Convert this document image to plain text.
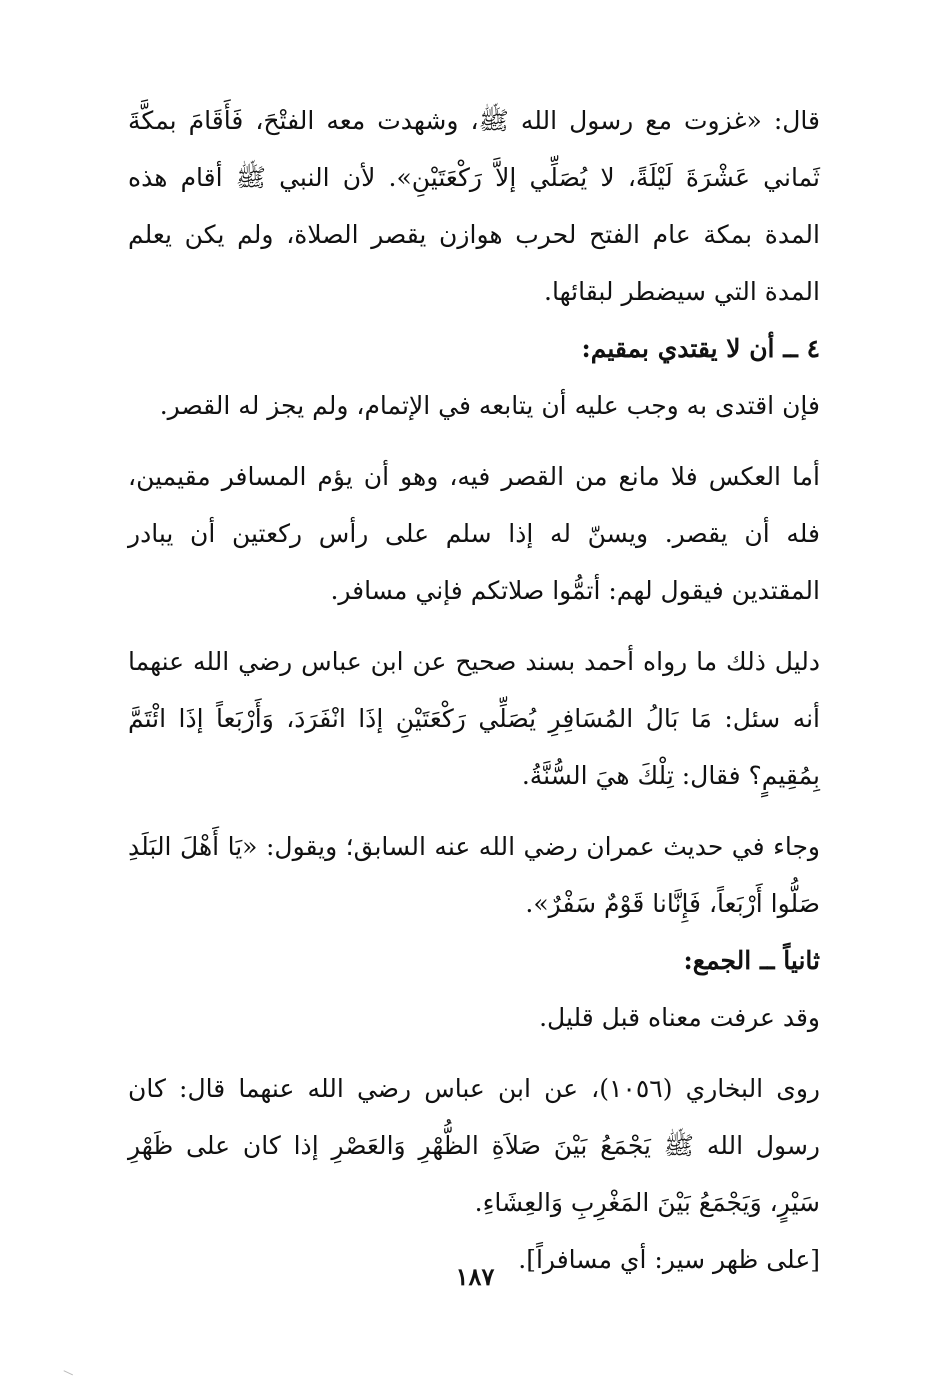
قال: «غزوت مع رسول الله ﷺ، وشهدت معه الفتْحَ، فَأَقَامَ بمكَّةَ ثَماني عَشْرَةَ لَيْلَةً، لا يُصَلِّي إلاَّ رَكْعَتَيْنِ». لأن النبي ﷺ أقام هذه المدة بمكة عام الفتح لحرب هوازن يقصر الصلاة، ولم يكن يعلم المدة التي سيضطر لبقائها.

٤ ــ أن لا يقتدي بمقيم:

فإن اقتدى به وجب عليه أن يتابعه في الإتمام، ولم يجز له القصر.

أما العكس فلا مانع من القصر فيه، وهو أن يؤم المسافر مقيمين، فله أن يقصر. ويسنّ له إذا سلم على رأس ركعتين أن يبادر المقتدين فيقول لهم: أتمُّوا صلاتكم فإني مسافر.

دليل ذلك ما رواه أحمد بسند صحيح عن ابن عباس رضي الله عنهما أنه سئل: مَا بَالُ المُسَافِرِ يُصَلِّي رَكْعَتَيْنِ إذَا انْفَرَدَ، وَأَرْبَعاً إذَا ائْتَمَّ بِمُقِيمٍ؟ فقال: تِلْكَ هيَ السُّنَّةُ.

وجاء في حديث عمران رضي الله عنه السابق؛ ويقول: «يَا أَهْلَ البَلَدِ صَلُّوا أَرْبَعاً، فَإِنَّانا قَوْمٌ سَفْرٌ».

ثانياً ــ الجمع:

وقد عرفت معناه قبل قليل.

روى البخاري (١٠٥٦)، عن ابن عباس رضي الله عنهما قال: كان رسول الله ﷺ يَجْمَعُ بَيْنَ صَلاَةِ الظُّهْرِ وَالعَصْرِ إذا كان على ظَهْرِ سَيْرٍ، وَيَجْمَعُ بَيْنَ المَغْرِبِ وَالعِشَاءِ.

[على ظهر سير: أي مسافراً].

١٨٧
